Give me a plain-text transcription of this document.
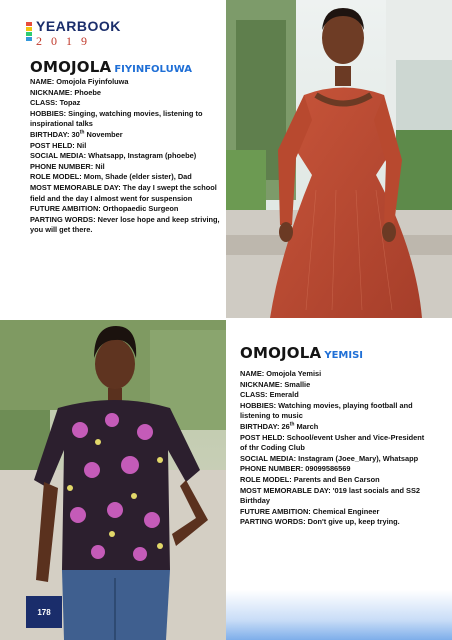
YEARBOOK
2019
OMOJOLA FIYINFOLUWA
NAME: Omojola Fiyinfoluwa
NICKNAME: Phoebe
CLASS: Topaz
HOBBIES: Singing, watching movies, listening to
inspirational talks
BIRTHDAY: 30th November
POST HELD: Nil
SOCIAL MEDIA: Whatsapp, Instagram (phoebe)
PHONE NUMBER: Nil
ROLE MODEL: Mom, Shade (elder sister), Dad
MOST MEMORABLE DAY: The day I swept the school
field and the day I almost went for suspension
FUTURE AMBITION: Orthopaedic Surgeon
PARTING WORDS: Never lose hope and keep striving,
you will get there.
OMOJOLA YEMISI
NAME: Omojola Yemisi
NICKNAME: Smallie
CLASS: Emerald
HOBBIES: Watching movies, playing football and
listening to music
BIRTHDAY: 26th March
POST HELD: School/event Usher and Vice-President
of thr Coding Club
SOCIAL MEDIA: Instagram (Joee_Mary), Whatsapp
PHONE NUMBER: 09099586569
ROLE MODEL: Parents and Ben Carson
MOST MEMORABLE DAY: '019 last socials and SS2
Birthday
FUTURE AMBITION: Chemical Engineer
PARTING WORDS: Don't give up, keep trying.
178
